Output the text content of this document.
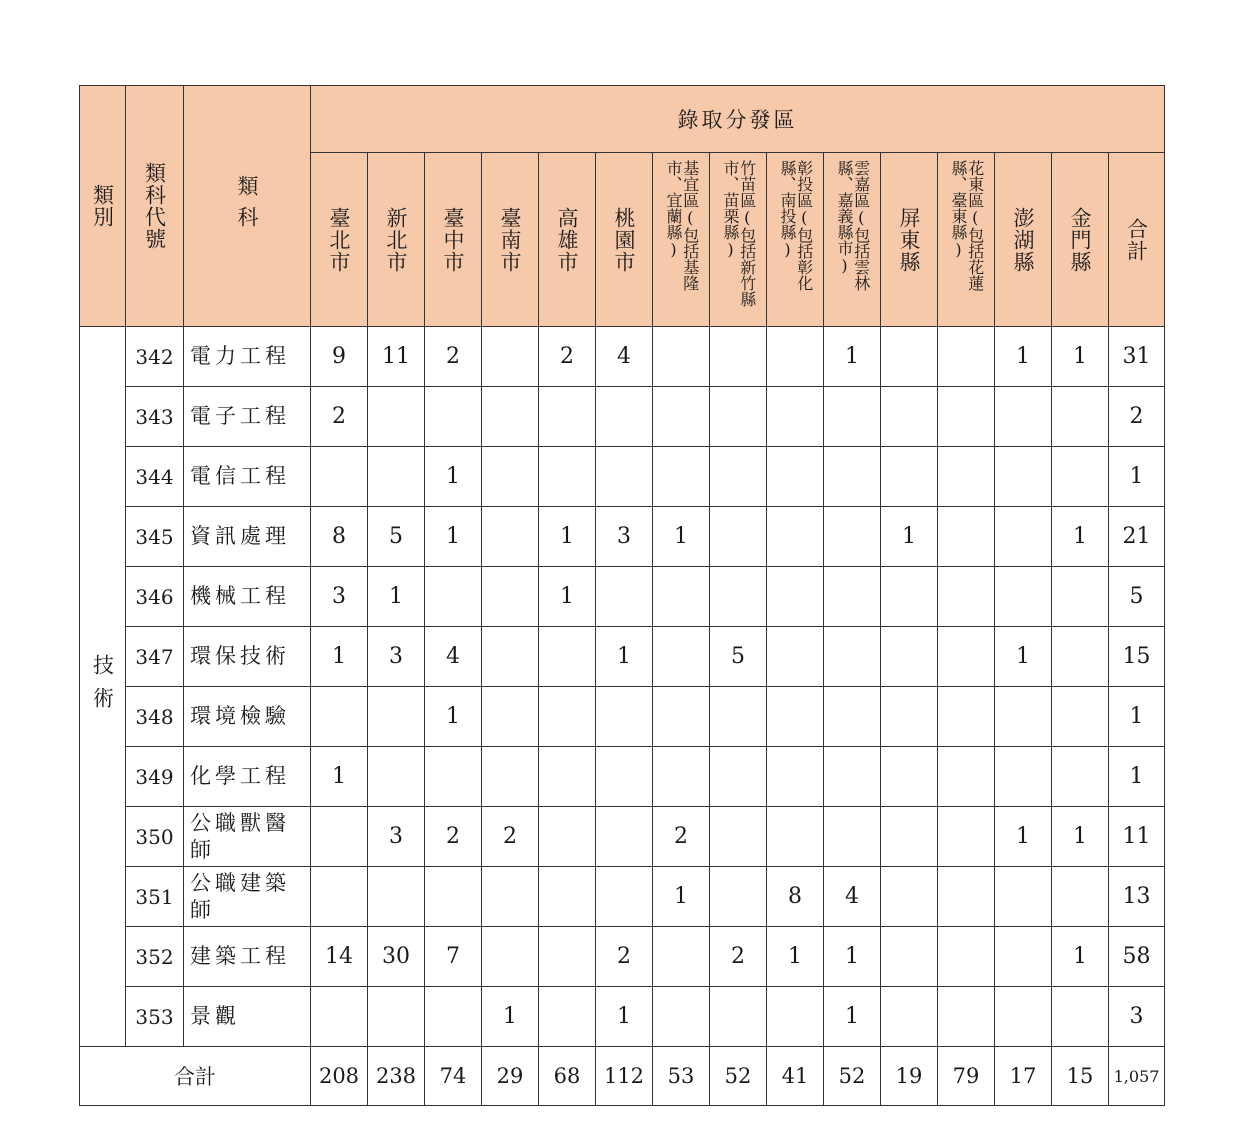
類別	類科代號	類科	錄取分發區														

			臺北市	新北市	臺中市	臺南市	高雄市	桃園市	基宜區(包括基隆市、宜蘭縣)	竹苗區(包括新竹縣市、苗栗縣)	彰投區(包括彰化縣、南投縣)	雲嘉區(包括雲林縣、嘉義縣市)	屏東縣	花東區(包括花蓮縣、臺東縣)	澎湖縣	金門縣	合計

技術	342	電力工程	9	11	2		2	4				1			1	1	31
	343	電子工程	2														2
	344	電信工程			1												1
	345	資訊處理	8	5	1		1	3	1				1			1	21
	346	機械工程	3	1			1										5
	347	環保技術	1	3	4			1		5					1		15
	348	環境檢驗			1												1
	349	化學工程	1														1
	350	公職獸醫師		3	2	2			2						1	1	11
	351	公職建築師							1		8	4					13
	352	建築工程	14	30	7			2		2	1	1				1	58
	353	景觀				1		1				1					3
合計			208	238	74	29	68	112	53	52	41	52	19	79	17	15	1,057
